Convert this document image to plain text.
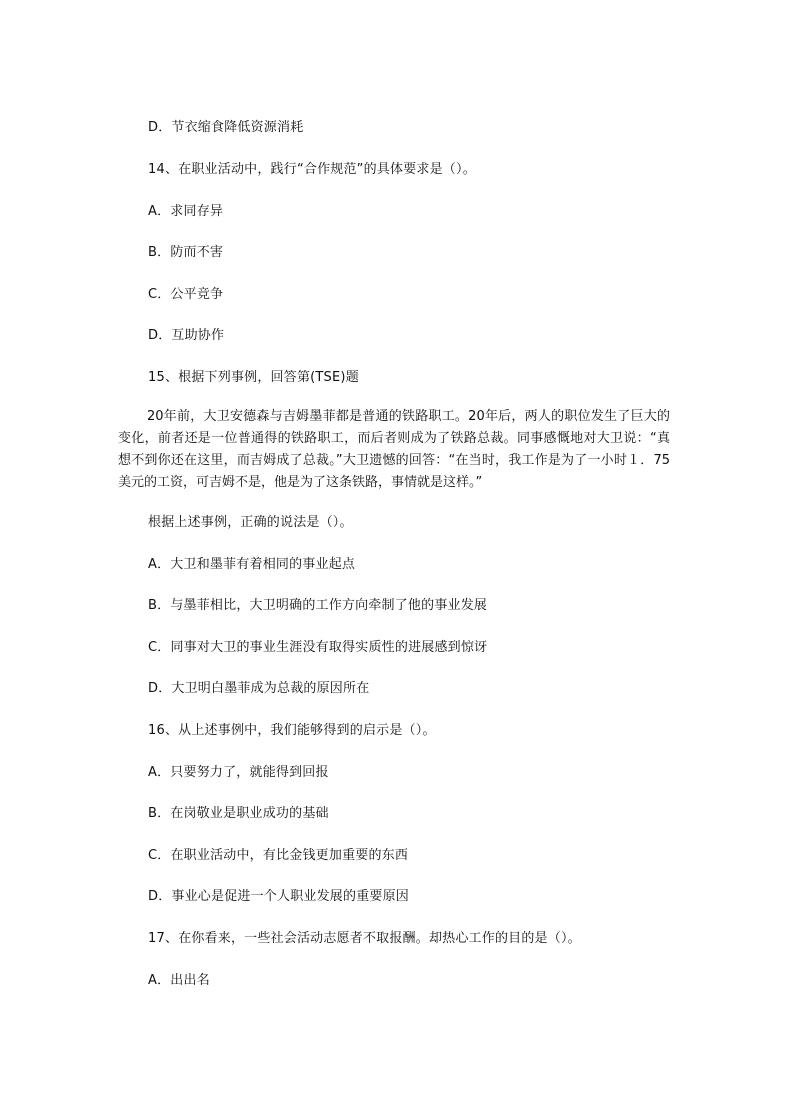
D．节衣缩食降低资源消耗
14、在职业活动中，践行“合作规范”的具体要求是（）。
A．求同存异
B．防而不害
C．公平竞争
D．互助协作
15、根据下列事例，回答第(TSE)题
20年前，大卫安德森与吉姆墨菲都是普通的铁路职工。20年后，两人的职位发生了巨大的变化，前者还是一位普通得的铁路职工，而后者则成为了铁路总裁。同事感慨地对大卫说：“真想不到你还在这里，而吉姆成了总裁。”大卫遗憾的回答：“在当时，我工作是为了一小时１．75美元的工资，可吉姆不是，他是为了这条铁路，事情就是这样。”
根据上述事例，正确的说法是（）。
A．大卫和墨菲有着相同的事业起点
B．与墨菲相比，大卫明确的工作方向牵制了他的事业发展
C．同事对大卫的事业生涯没有取得实质性的进展感到惊讶
D．大卫明白墨菲成为总裁的原因所在
16、从上述事例中，我们能够得到的启示是（）。
A．只要努力了，就能得到回报
B．在岗敬业是职业成功的基础
C．在职业活动中，有比金钱更加重要的东西
D．事业心是促进一个人职业发展的重要原因
17、在你看来，一些社会活动志愿者不取报酬。却热心工作的目的是（）。
A．出出名
